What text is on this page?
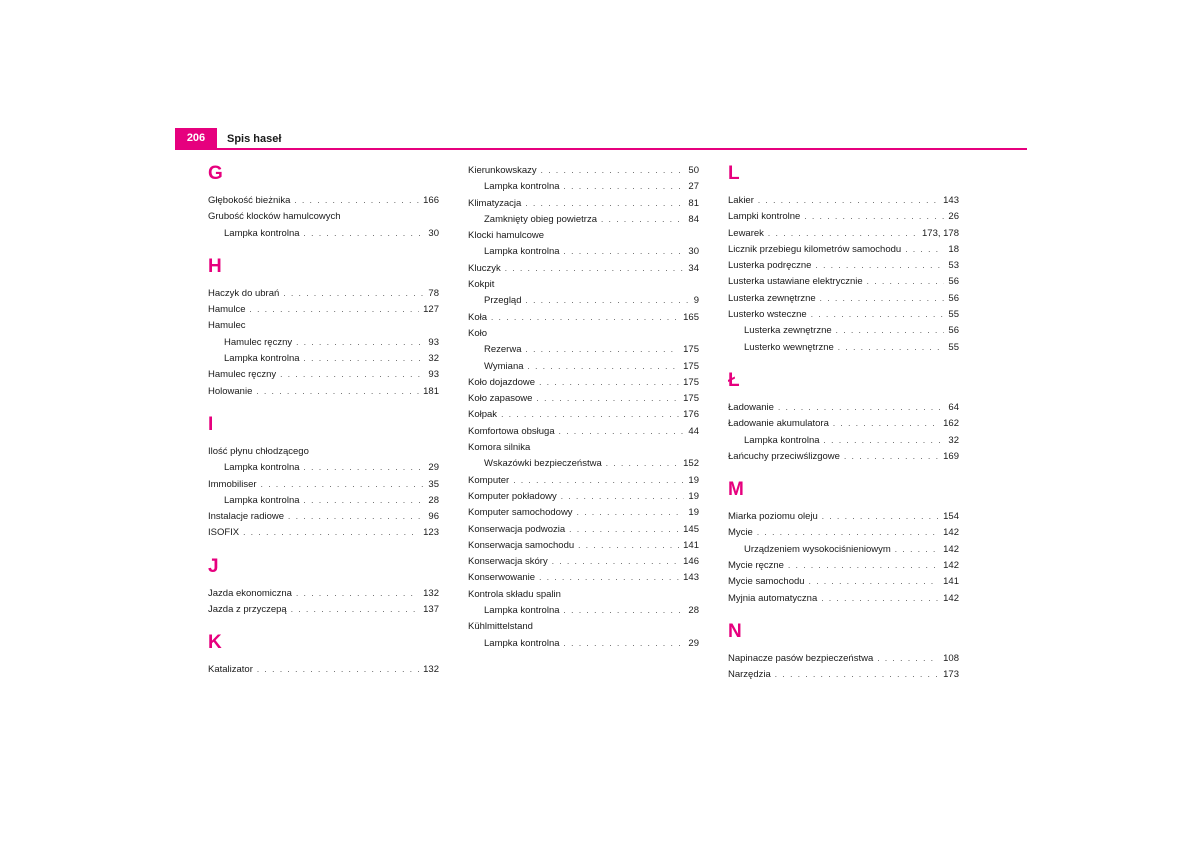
206	Spis haseł
G
Głębokość bieżnika . . .	166
Grubość klocków hamulcowych
Lampka kontrolna . . .	30
H
Haczyk do ubrań . . .	78
Hamulce . . .	127
Hamulec
Hamulec ręczny . . .	93
Lampka kontrolna . . .	32
Hamulec ręczny . . .	93
Holowanie . . .	181
I
Ilość płynu chłodzącego
Lampka kontrolna . . .	29
Immobiliser . . .	35
Lampka kontrolna . . .	28
Instalacje radiowe . . .	96
ISOFIX . . .	123
J
Jazda ekonomiczna . . .	132
Jazda z przyczepą . . .	137
K
Katalizator . . .	132
Kierunkowskazy . . .	50
Lampka kontrolna . . .	27
Klimatyzacja . . .	81
Zamknięty obieg powietrza . . .	84
Klocki hamulcowe
Lampka kontrolna . . .	30
Kluczyk . . .	34
Kokpit
Przegląd . . .	9
Koła . . .	165
Koło
Rezerwa . . .	175
Wymiana . . .	175
Koło dojazdowe . . .	175
Koło zapasowe . . .	175
Kołpak . . .	176
Komfortowa obsługa . . .	44
Komora silnika
Wskazówki bezpieczeństwa . . .	152
Komputer . . .	19
Komputer pokładowy . . .	19
Komputer samochodowy . . .	19
Konserwacja podwozia . . .	145
Konserwacja samochodu . . .	141
Konserwacja skóry . . .	146
Konserwowanie . . .	143
Kontrola składu spalin
Lampka kontrolna . . .	28
Kühlmittelstand
Lampka kontrolna . . .	29
L
Lakier . . .	143
Lampki kontrolne . . .	26
Lewarek . . .	173, 178
Licznik przebiegu kilometrów samochodu . . .	18
Lusterka podręczne . . .	53
Lusterka ustawiane elektrycznie . . .	56
Lusterka zewnętrzne . . .	56
Lusterko wsteczne . . .	55
Lusterka zewnętrzne . . .	56
Lusterko wewnętrzne . . .	55
Ł
Ładowanie . . .	64
Ładowanie akumulatora . . .	162
Lampka kontrolna . . .	32
Łańcuchy przeciwślizgowe . . .	169
M
Miarka poziomu oleju . . .	154
Mycie . . .	142
Urządzeniem wysokociśnieniowym . . .	142
Mycie ręczne . . .	142
Mycie samochodu . . .	141
Myjnia automatyczna . . .	142
N
Napinacze pasów bezpieczeństwa . . .	108
Narzędzia . . .	173
